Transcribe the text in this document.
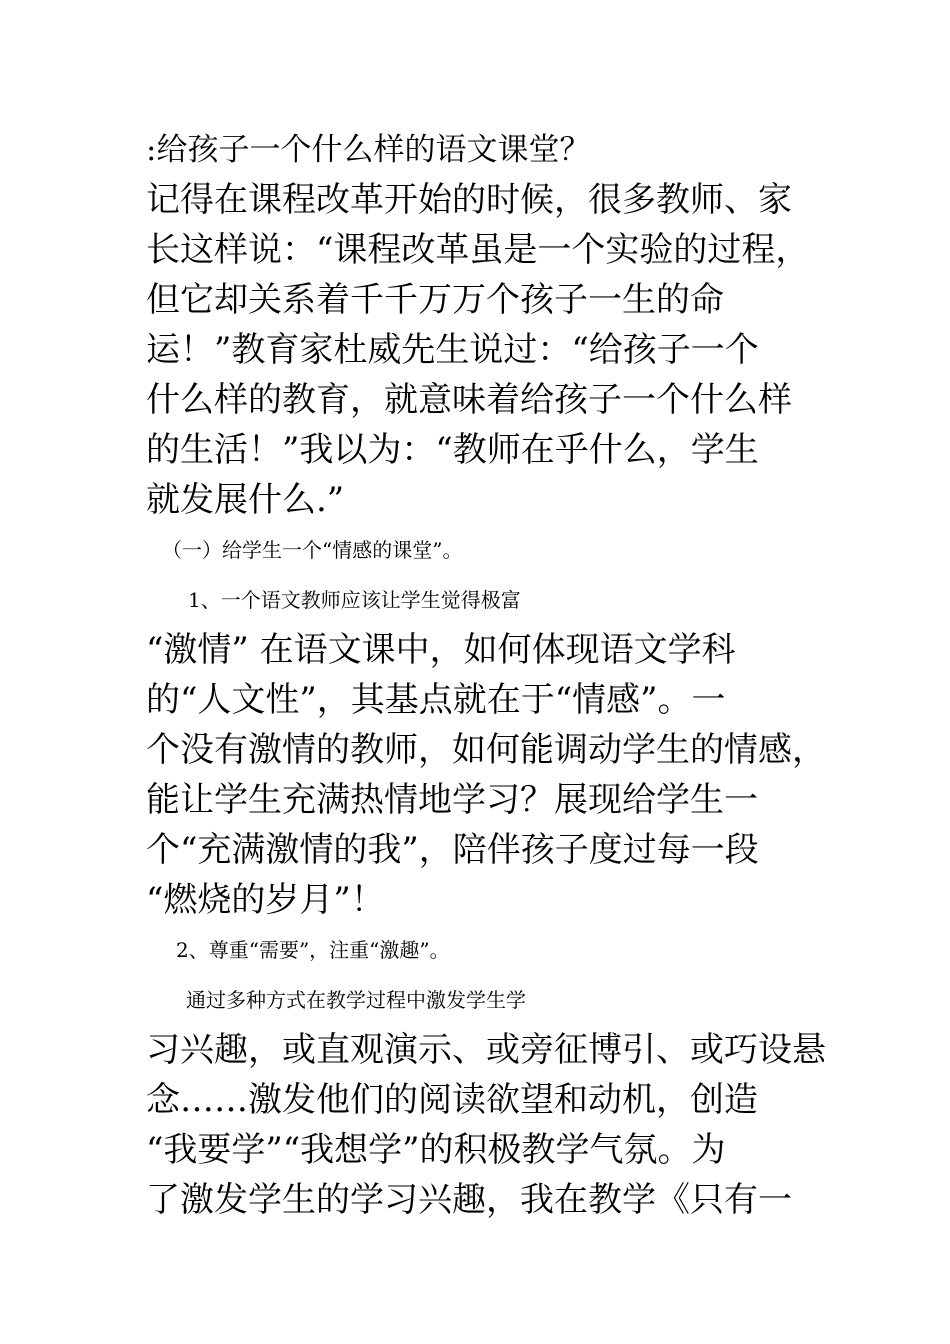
:给孩子一个什么样的语文课堂？
记得在课程改革开始的时候，很多教师、家
长这样说：“课程改革虽是一个实验的过程，
但它却关系着千千万万个孩子一生的命
运！”教育家杜威先生说过：“给孩子一个
什么样的教育，就意味着给孩子一个什么样
的生活！”我以为：“教师在乎什么，学生
就发展什么.”
（一）给学生一个“情感的课堂”。
1、一个语文教师应该让学生觉得极富
“激情” 在语文课中，如何体现语文学科
的“人文性”，其基点就在于“情感”。一
个没有激情的教师，如何能调动学生的情感，
能让学生充满热情地学习？展现给学生一
个“充满激情的我”，陪伴孩子度过每一段
“燃烧的岁月”！
2、尊重“需要”，注重“激趣”。
通过多种方式在教学过程中激发学生学
习兴趣，或直观演示、或旁征博引、或巧设悬
念……激发他们的阅读欲望和动机，创造
“我要学”“我想学”的积极教学气氛。为
了激发学生的学习兴趣，我在教学《只有一
